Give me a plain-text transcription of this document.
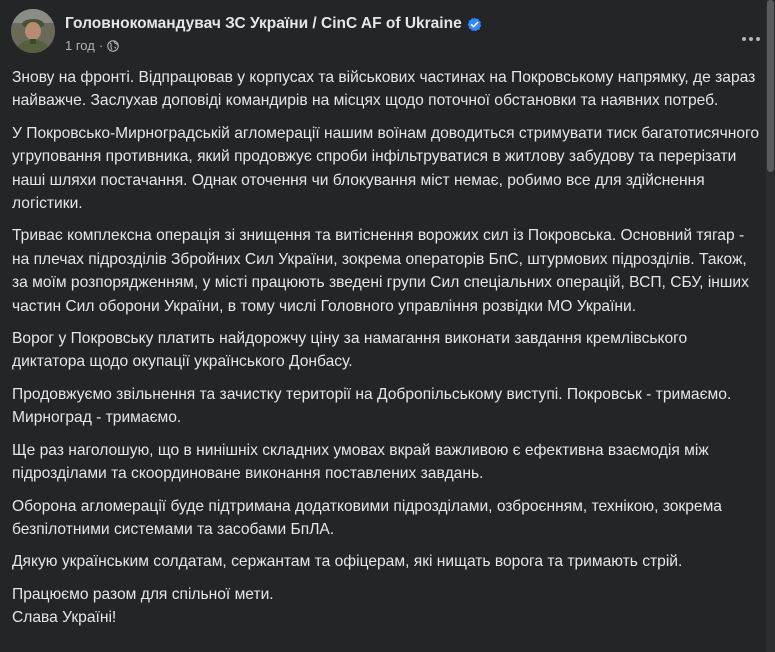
Головнокомандувач ЗС України / CinC AF of Ukraine
1 год ·

Знову на фронті. Відпрацював у корпусах та військових частинах на Покровському напрямку, де зараз найважче. Заслухав доповіді командирів на місцях щодо поточної обстановки та наявних потреб.

У Покровсько-Мирноградській агломерації нашим воїнам доводиться стримувати тиск багатотисячного угруповання противника, який продовжує спроби інфільтруватися в житлову забудову та перерізати наші шляхи постачання. Однак оточення чи блокування міст немає, робимо все для здійснення логістики.

Триває комплексна операція зі знищення та витіснення ворожих сил із Покровська. Основний тягар - на плечах підрозділів Збройних Сил України, зокрема операторів БпС, штурмових підрозділів. Також, за моїм розпорядженням, у місті працюють зведені групи Сил спеціальних операцій, ВСП, СБУ, інших частин Сил оборони України, в тому числі Головного управління розвідки МО України.

Ворог у Покровську платить найдорожчу ціну за намагання виконати завдання кремлівського диктатора щодо окупації українського Донбасу.

Продовжуємо звільнення та зачистку території на Добропільському виступі. Покровськ - тримаємо. Мирноград - тримаємо.

Ще раз наголошую, що в нинішніх складних умовах вкрай важливою є ефективна взаємодія між підрозділами та скоординоване виконання поставлених завдань.

Оборона агломерації буде підтримана додатковими підрозділами, озброєнням, технікою, зокрема безпілотними системами та засобами БпЛА.

Дякую українським солдатам, сержантам та офіцерам, які нищать ворога та тримають стрій.

Працюємо разом для спільної мети.
Слава Україні!
